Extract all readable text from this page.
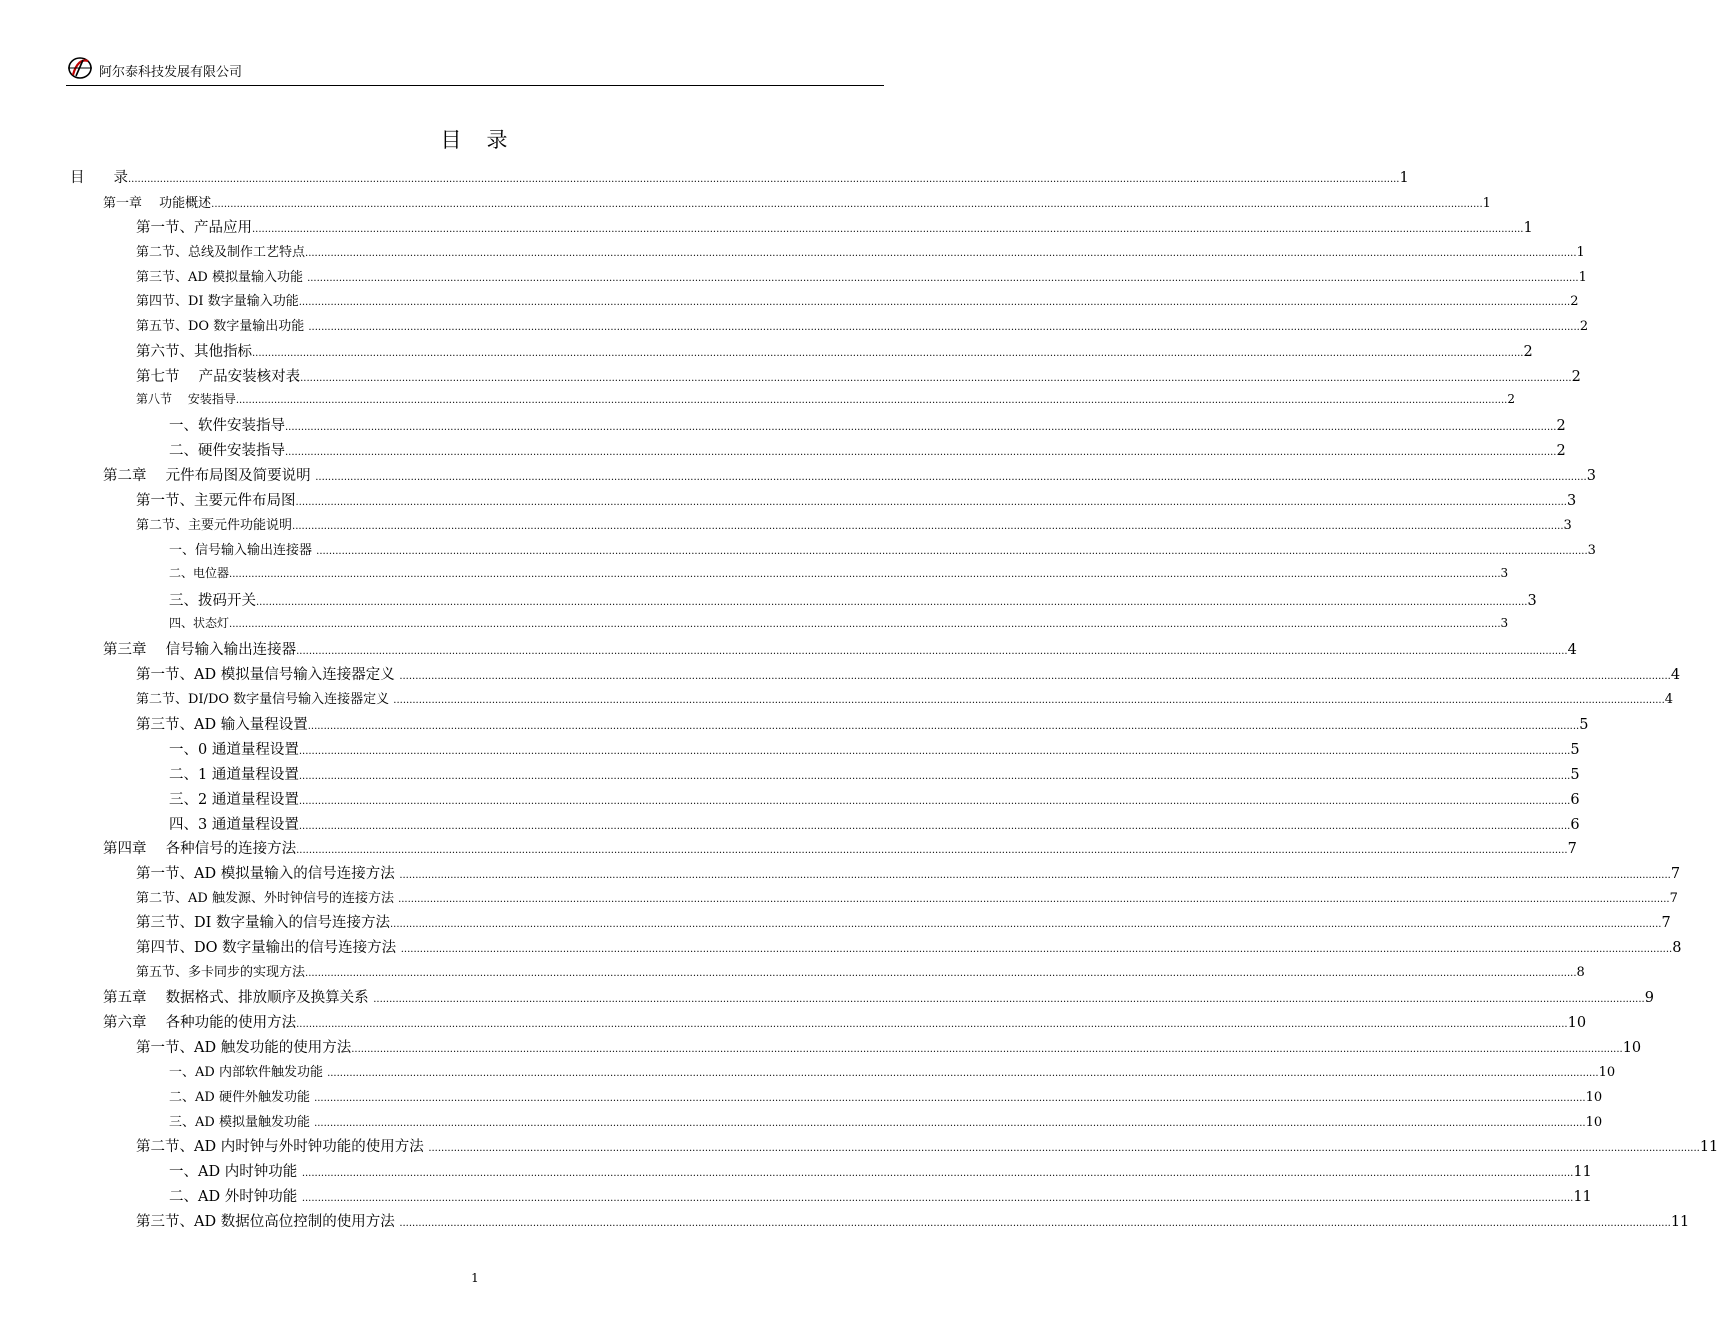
阿尔泰科技发展有限公司
目　录
目　　录 ................................................................................................................................................................................................................................................................................................................................................................................................................ 1
第一章　 功能概述 ................................................................................................................................................................................................................................................................................................................................................................................................................ 1
第一节、产品应用 ................................................................................................................................................................................................................................................................................................................................................................................................................ 1
第二节、总线及制作工艺特点 ................................................................................................................................................................................................................................................................................................................................................................................................................ 1
第三节、AD 模拟量输入功能 ................................................................................................................................................................................................................................................................................................................................................................................................................ 1
第四节、DI 数字量输入功能 ................................................................................................................................................................................................................................................................................................................................................................................................................ 2
第五节、DO 数字量输出功能 ................................................................................................................................................................................................................................................................................................................................................................................................................ 2
第六节、其他指标 ................................................................................................................................................................................................................................................................................................................................................................................................................ 2
第七节　 产品安装核对表 ................................................................................................................................................................................................................................................................................................................................................................................................................ 2
第八节　 安装指导 ................................................................................................................................................................................................................................................................................................................................................................................................................ 2
一、软件安装指导 ................................................................................................................................................................................................................................................................................................................................................................................................................ 2
二、硬件安装指导 ................................................................................................................................................................................................................................................................................................................................................................................................................ 2
第二章　 元件布局图及简要说明 ................................................................................................................................................................................................................................................................................................................................................................................................................ 3
第一节、主要元件布局图 ................................................................................................................................................................................................................................................................................................................................................................................................................ 3
第二节、主要元件功能说明 ................................................................................................................................................................................................................................................................................................................................................................................................................ 3
一、信号输入输出连接器 ................................................................................................................................................................................................................................................................................................................................................................................................................ 3
二、电位器 ................................................................................................................................................................................................................................................................................................................................................................................................................ 3
三、拨码开关 ................................................................................................................................................................................................................................................................................................................................................................................................................ 3
四、状态灯 ................................................................................................................................................................................................................................................................................................................................................................................................................ 3
第三章　 信号输入输出连接器 ................................................................................................................................................................................................................................................................................................................................................................................................................ 4
第一节、AD 模拟量信号输入连接器定义 ................................................................................................................................................................................................................................................................................................................................................................................................................ 4
第二节、DI/DO 数字量信号输入连接器定义 ................................................................................................................................................................................................................................................................................................................................................................................................................ 4
第三节、AD 输入量程设置 ................................................................................................................................................................................................................................................................................................................................................................................................................ 5
一、0 通道量程设置 ................................................................................................................................................................................................................................................................................................................................................................................................................ 5
二、1 通道量程设置 ................................................................................................................................................................................................................................................................................................................................................................................................................ 5
三、2 通道量程设置 ................................................................................................................................................................................................................................................................................................................................................................................................................ 6
四、3 通道量程设置 ................................................................................................................................................................................................................................................................................................................................................................................................................ 6
第四章　 各种信号的连接方法 ................................................................................................................................................................................................................................................................................................................................................................................................................ 7
第一节、AD 模拟量输入的信号连接方法 ................................................................................................................................................................................................................................................................................................................................................................................................................ 7
第二节、AD 触发源、外时钟信号的连接方法 ................................................................................................................................................................................................................................................................................................................................................................................................................ 7
第三节、DI 数字量输入的信号连接方法 ................................................................................................................................................................................................................................................................................................................................................................................................................ 7
第四节、DO 数字量输出的信号连接方法 ................................................................................................................................................................................................................................................................................................................................................................................................................ 8
第五节、多卡同步的实现方法 ................................................................................................................................................................................................................................................................................................................................................................................................................ 8
第五章　 数据格式、排放顺序及换算关系 ................................................................................................................................................................................................................................................................................................................................................................................................................ 9
第六章　 各种功能的使用方法 ................................................................................................................................................................................................................................................................................................................................................................................................................ 10
第一节、AD 触发功能的使用方法 ................................................................................................................................................................................................................................................................................................................................................................................................................ 10
一、AD 内部软件触发功能 ................................................................................................................................................................................................................................................................................................................................................................................................................ 10
二、AD 硬件外触发功能 ................................................................................................................................................................................................................................................................................................................................................................................................................ 10
三、AD 模拟量触发功能 ................................................................................................................................................................................................................................................................................................................................................................................................................ 10
第二节、AD 内时钟与外时钟功能的使用方法 ................................................................................................................................................................................................................................................................................................................................................................................................................ 11
一、AD 内时钟功能 ................................................................................................................................................................................................................................................................................................................................................................................................................ 11
二、AD 外时钟功能 ................................................................................................................................................................................................................................................................................................................................................................................................................ 11
第三节、AD 数据位高位控制的使用方法 ................................................................................................................................................................................................................................................................................................................................................................................................................ 11
1
